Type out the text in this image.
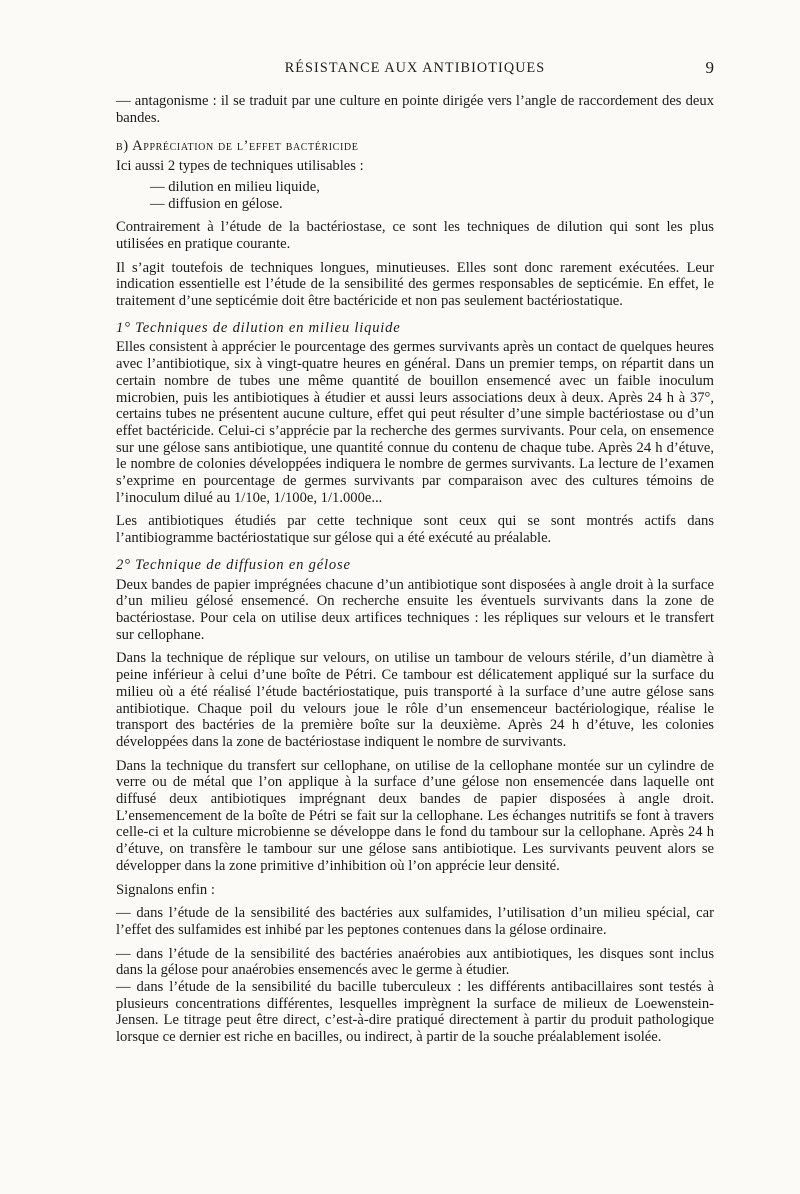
RÉSISTANCE AUX ANTIBIOTIQUES	9

— antagonisme : il se traduit par une culture en pointe dirigée vers l’angle de raccordement des deux bandes.

b) Appréciation de l’effet bactéricide

Ici aussi 2 types de techniques utilisables :

— dilution en milieu liquide,

— diffusion en gélose.

Contrairement à l’étude de la bactériostase, ce sont les techniques de dilution qui sont les plus utilisées en pratique courante.

Il s’agit toutefois de techniques longues, minutieuses. Elles sont donc rarement exécutées. Leur indication essentielle est l’étude de la sensibilité des germes responsables de septicémie. En effet, le traitement d’une septicémie doit être bactéricide et non pas seulement bactériostatique.

1° Techniques de dilution en milieu liquide

Elles consistent à apprécier le pourcentage des germes survivants après un contact de quelques heures avec l’antibiotique, six à vingt-quatre heures en général. Dans un premier temps, on répartit dans un certain nombre de tubes une même quantité de bouillon ensemencé avec un faible inoculum microbien, puis les antibiotiques à étudier et aussi leurs associations deux à deux. Après 24 h à 37°, certains tubes ne présentent aucune culture, effet qui peut résulter d’une simple bactériostase ou d’un effet bactéricide. Celui-ci s’apprécie par la recherche des germes survivants. Pour cela, on ensemence sur une gélose sans antibiotique, une quantité connue du contenu de chaque tube. Après 24 h d’étuve, le nombre de colonies développées indiquera le nombre de germes survivants. La lecture de l’examen s’exprime en pourcentage de germes survivants par comparaison avec des cultures témoins de l’inoculum dilué au 1/10e, 1/100e, 1/1.000e...

Les antibiotiques étudiés par cette technique sont ceux qui se sont montrés actifs dans l’antibiogramme bactériostatique sur gélose qui a été exécuté au préalable.

2° Technique de diffusion en gélose

Deux bandes de papier imprégnées chacune d’un antibiotique sont disposées à angle droit à la surface d’un milieu gélosé ensemencé. On recherche ensuite les éventuels survivants dans la zone de bactériostase. Pour cela on utilise deux artifices techniques : les répliques sur velours et le transfert sur cellophane.

Dans la technique de réplique sur velours, on utilise un tambour de velours stérile, d’un diamètre à peine inférieur à celui d’une boîte de Pétri. Ce tambour est délicatement appliqué sur la surface du milieu où a été réalisé l’étude bactériostatique, puis transporté à la surface d’une autre gélose sans antibiotique. Chaque poil du velours joue le rôle d’un ensemenceur bactériologique, réalise le transport des bactéries de la première boîte sur la deuxième. Après 24 h d’étuve, les colonies développées dans la zone de bactériostase indiquent le nombre de survivants.

Dans la technique du transfert sur cellophane, on utilise de la cellophane montée sur un cylindre de verre ou de métal que l’on applique à la surface d’une gélose non ensemencée dans laquelle ont diffusé deux antibiotiques imprégnant deux bandes de papier disposées à angle droit. L’ensemencement de la boîte de Pétri se fait sur la cellophane. Les échanges nutritifs se font à travers celle-ci et la culture microbienne se développe dans le fond du tambour sur la cellophane. Après 24 h d’étuve, on transfère le tambour sur une gélose sans antibiotique. Les survivants peuvent alors se développer dans la zone primitive d’inhibition où l’on apprécie leur densité.

Signalons enfin :

— dans l’étude de la sensibilité des bactéries aux sulfamides, l’utilisation d’un milieu spécial, car l’effet des sulfamides est inhibé par les peptones contenues dans la gélose ordinaire.

— dans l’étude de la sensibilité des bactéries anaérobies aux antibiotiques, les disques sont inclus dans la gélose pour anaérobies ensemencés avec le germe à étudier.

— dans l’étude de la sensibilité du bacille tuberculeux : les différents antibacillaires sont testés à plusieurs concentrations différentes, lesquelles imprègnent la surface de milieux de Loewenstein-Jensen. Le titrage peut être direct, c’est-à-dire pratiqué directement à partir du produit pathologique lorsque ce dernier est riche en bacilles, ou indirect, à partir de la souche préalablement isolée.
